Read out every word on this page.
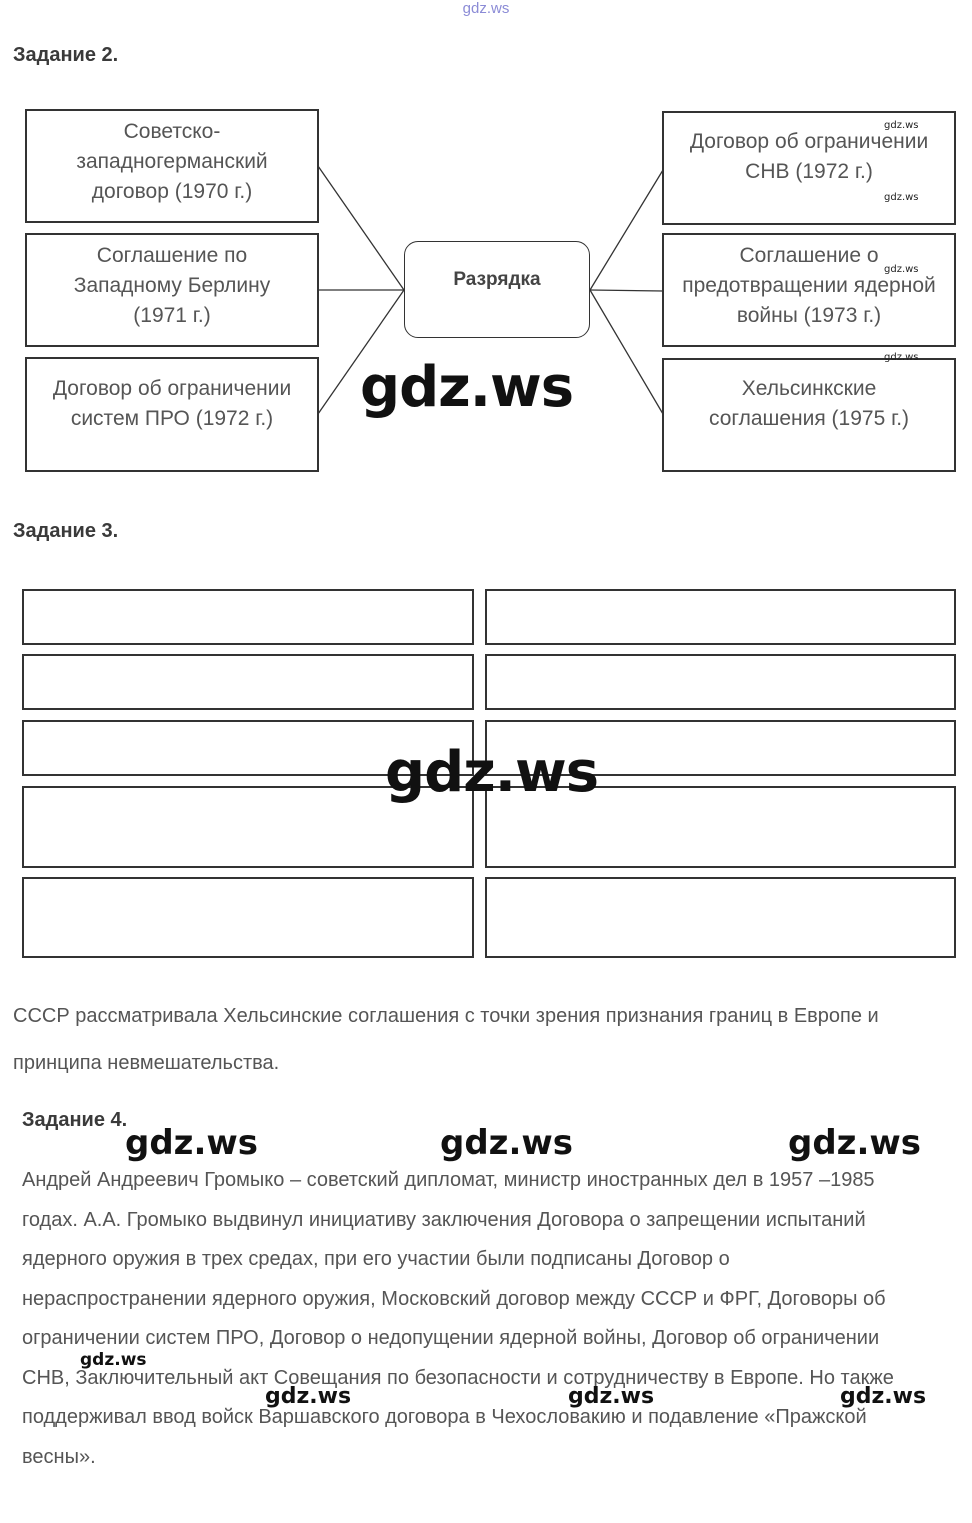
gdz.ws
Задание 2.
Советско-западногерманский договор (1970 г.)
Соглашение по Западному Берлину (1971 г.)
Договор об ограничении систем ПРО (1972 г.)
Разрядка
Договор об ограничении СНВ (1972 г.)
Соглашение о предотвращении ядерной войны (1973 г.)
Хельсинкские соглашения (1975 г.)
gdz.ws
gdz.ws
gdz.ws
gdz.ws
gdz.ws
Задание 3.
gdz.ws
СССР рассматривала Хельсинские соглашения с точки зрения признания границ в Европе и принципа невмешательства.
Задание 4.
Андрей Андреевич Громыко – советский дипломат, министр иностранных дел в 1957 –1985 годах. А.А. Громыко выдвинул инициативу заключения Договора о запрещении испытаний ядерного оружия в трех средах, при его участии были подписаны Договор о нераспространении ядерного оружия, Московский договор между СССР и ФРГ, Договоры об ограничении систем ПРО, Договор о недопущении ядерной войны, Договор об ограничении СНВ, Заключительный акт Совещания по безопасности и сотрудничеству в Европе. Но также поддерживал ввод войск Варшавского договора в Чехословакию и подавление «Пражской весны».
gdz.ws	gdz.ws	gdz.ws
gdz.ws
gdz.ws	gdz.ws	gdz.ws
